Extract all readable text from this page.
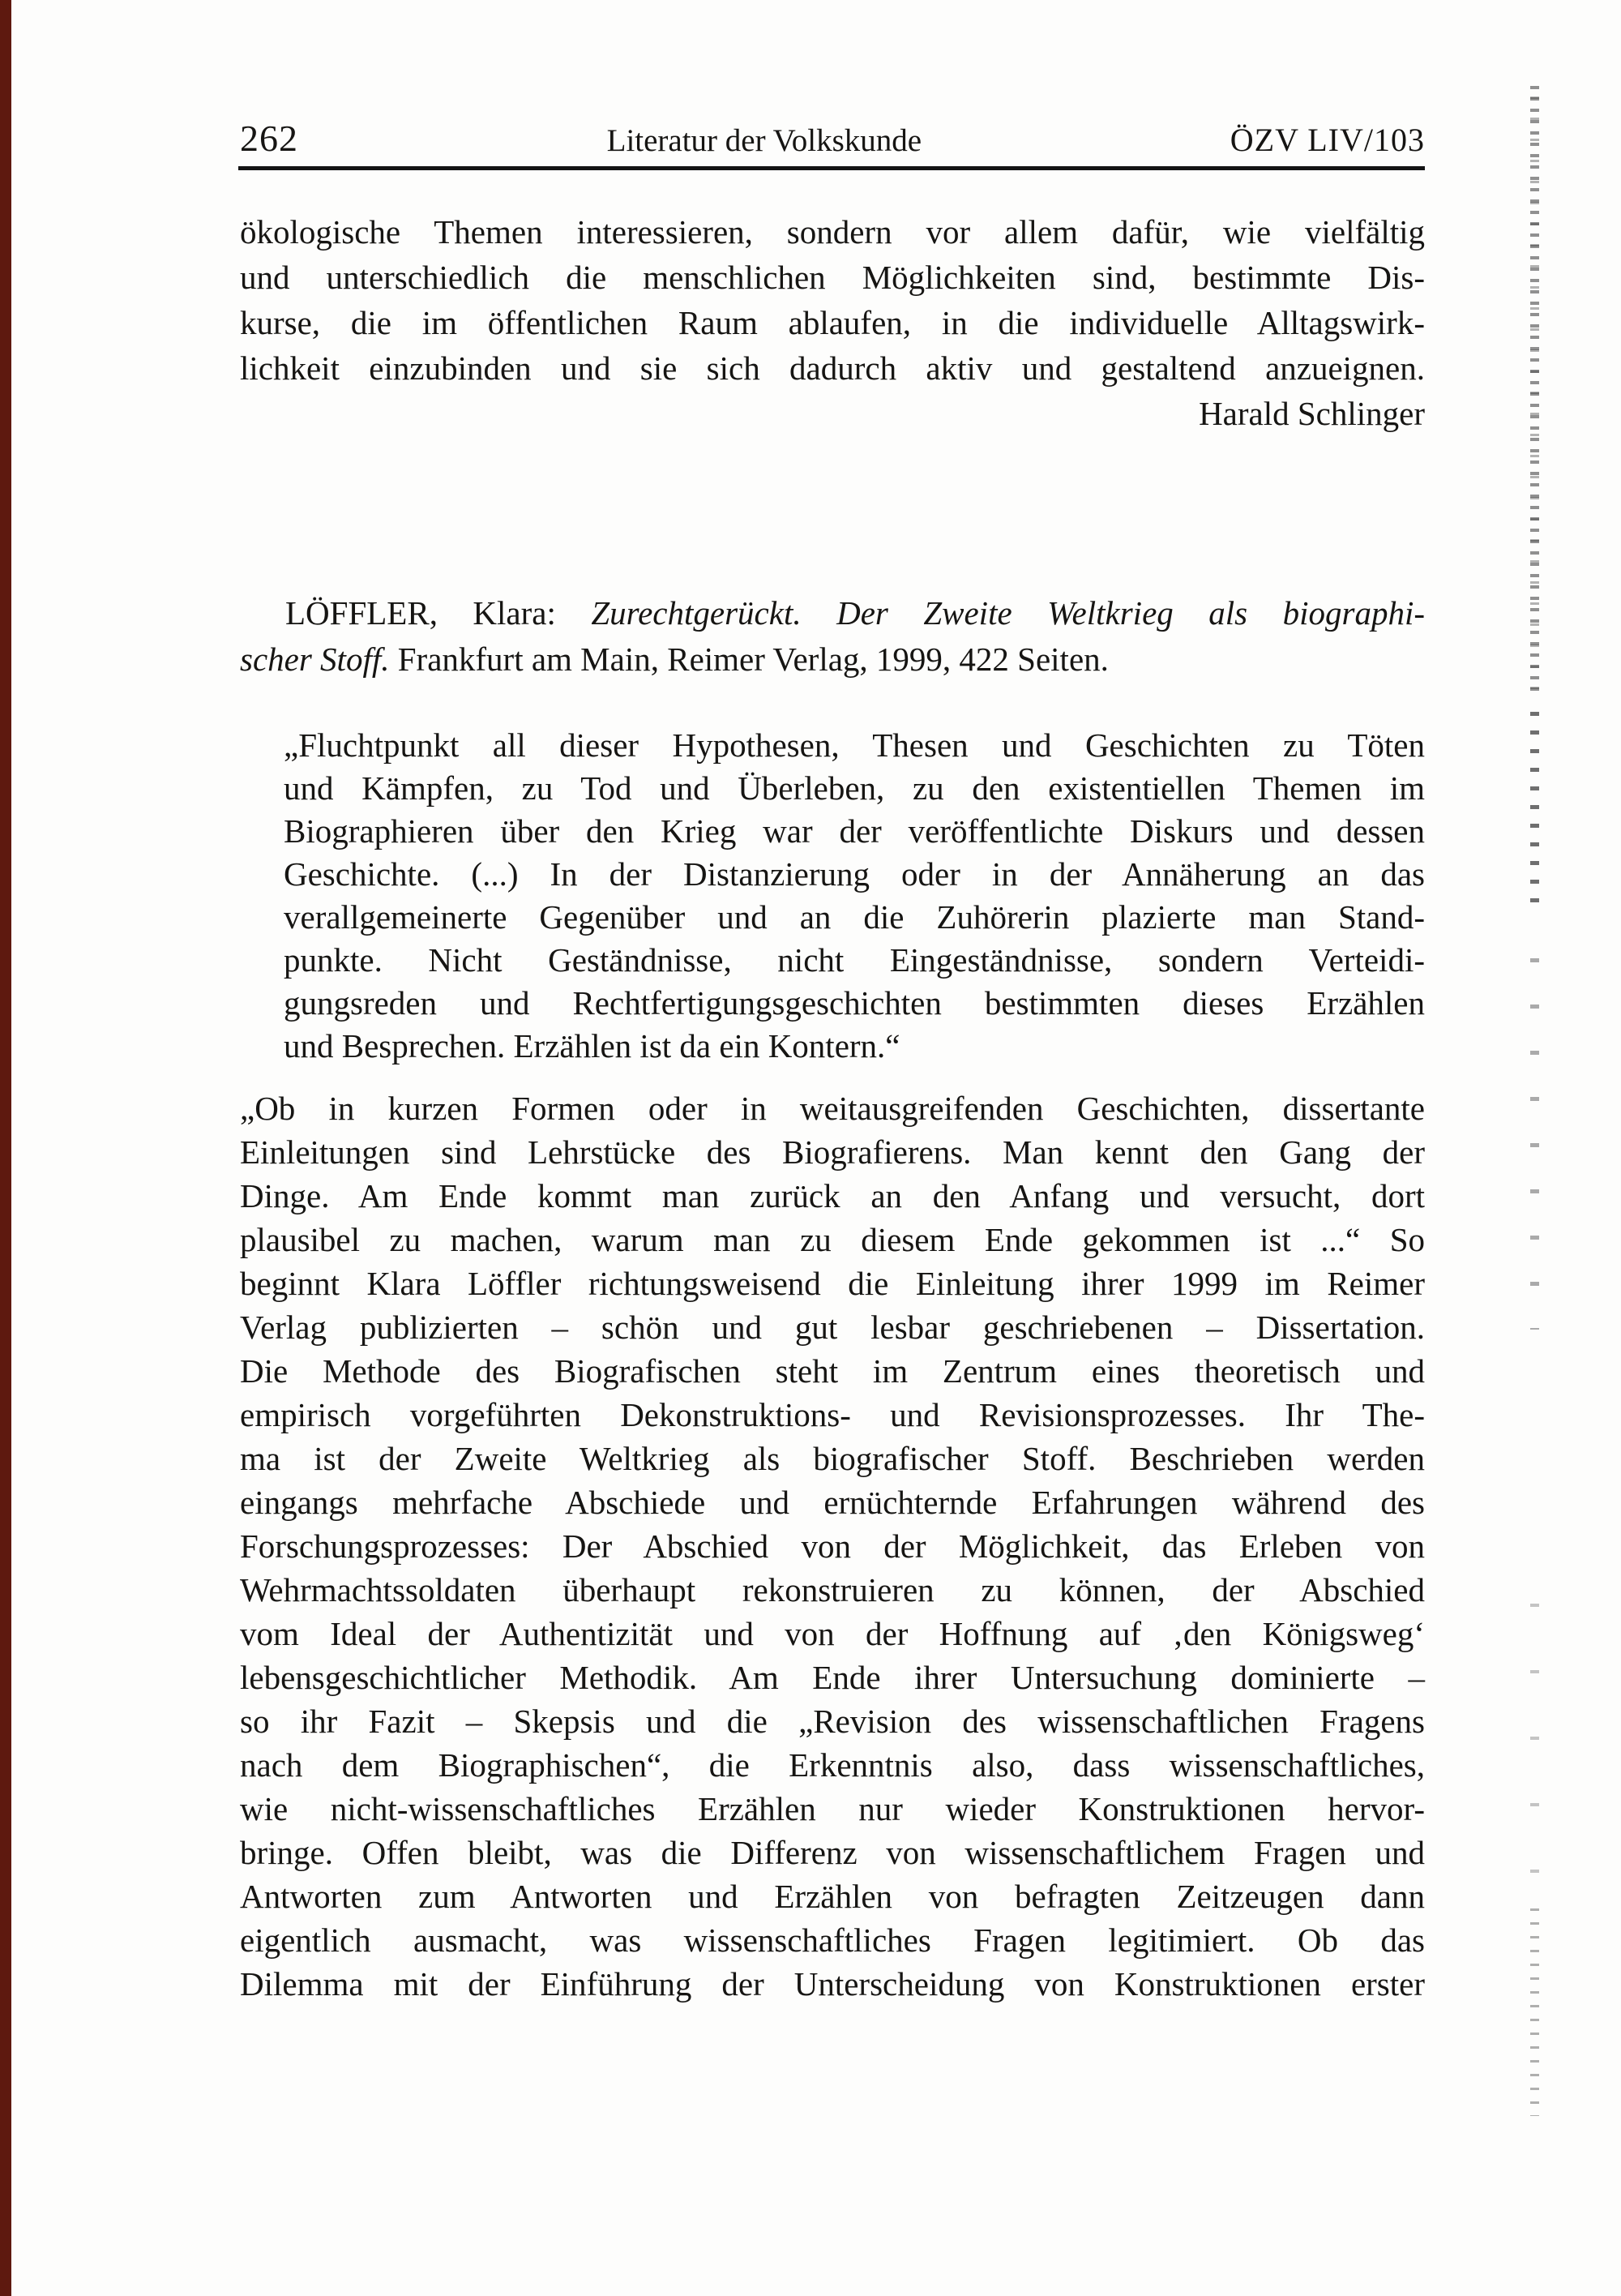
262	Literatur der Volkskunde	ÖZV LIV/103
ökologische Themen interessieren, sondern vor allem dafür, wie vielfältig
und unterschiedlich die menschlichen Möglichkeiten sind, bestimmte Dis-
kurse, die im öffentlichen Raum ablaufen, in die individuelle Alltagswirk-
lichkeit einzubinden und sie sich dadurch aktiv und gestaltend anzueignen.
Harald Schlinger
LÖFFLER, Klara: Zurechtgerückt. Der Zweite Weltkrieg als biographi-
scher Stoff. Frankfurt am Main, Reimer Verlag, 1999, 422 Seiten.
„Fluchtpunkt all dieser Hypothesen, Thesen und Geschichten zu Töten
und Kämpfen, zu Tod und Überleben, zu den existentiellen Themen im
Biographieren über den Krieg war der veröffentlichte Diskurs und dessen
Geschichte. (...) In der Distanzierung oder in der Annäherung an das
verallgemeinerte Gegenüber und an die Zuhörerin plazierte man Stand-
punkte. Nicht Geständnisse, nicht Eingeständnisse, sondern Verteidi-
gungsreden und Rechtfertigungsgeschichten bestimmten dieses Erzählen
und Besprechen. Erzählen ist da ein Kontern.“
„Ob in kurzen Formen oder in weitausgreifenden Geschichten, dissertante
Einleitungen sind Lehrstücke des Biografierens. Man kennt den Gang der
Dinge. Am Ende kommt man zurück an den Anfang und versucht, dort
plausibel zu machen, warum man zu diesem Ende gekommen ist ...“ So
beginnt Klara Löffler richtungsweisend die Einleitung ihrer 1999 im Reimer
Verlag publizierten – schön und gut lesbar geschriebenen – Dissertation.
Die Methode des Biografischen steht im Zentrum eines theoretisch und
empirisch vorgeführten Dekonstruktions- und Revisionsprozesses. Ihr The-
ma ist der Zweite Weltkrieg als biografischer Stoff. Beschrieben werden
eingangs mehrfache Abschiede und ernüchternde Erfahrungen während des
Forschungsprozesses: Der Abschied von der Möglichkeit, das Erleben von
Wehrmachtssoldaten überhaupt rekonstruieren zu können, der Abschied
vom Ideal der Authentizität und von der Hoffnung auf ‚den Königsweg‘
lebensgeschichtlicher Methodik. Am Ende ihrer Untersuchung dominierte –
so ihr Fazit – Skepsis und die „Revision des wissenschaftlichen Fragens
nach dem Biographischen“, die Erkenntnis also, dass wissenschaftliches,
wie nicht-wissenschaftliches Erzählen nur wieder Konstruktionen hervor-
bringe. Offen bleibt, was die Differenz von wissenschaftlichem Fragen und
Antworten zum Antworten und Erzählen von befragten Zeitzeugen dann
eigentlich ausmacht, was wissenschaftliches Fragen legitimiert. Ob das
Dilemma mit der Einführung der Unterscheidung von Konstruktionen erster
